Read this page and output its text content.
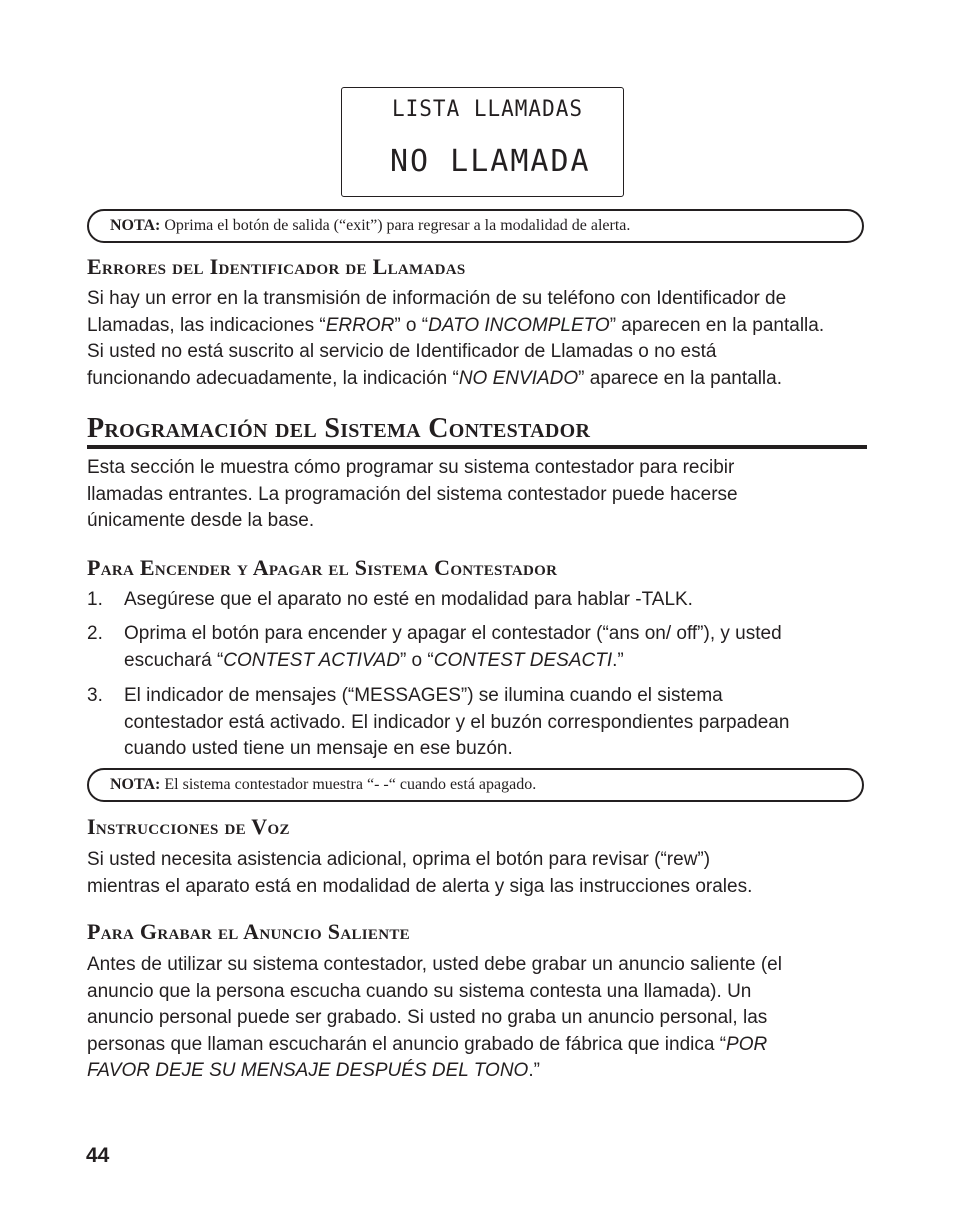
LISTA LLAMADAS
NO LLAMADA
NOTA: Oprima el botón de salida (“exit”) para regresar a la modalidad de alerta.
Errores del Identificador de Llamadas
Si hay un error en la transmisión de información de su teléfono con Identificador de
Llamadas, las indicaciones “ERROR” o “DATO INCOMPLETO” aparecen en la pantalla.
Si usted no está suscrito al servicio de Identificador de Llamadas o no está
funcionando adecuadamente, la indicación “NO ENVIADO” aparece en la pantalla.
Programación del Sistema Contestador
Esta sección le muestra cómo programar su sistema contestador para recibir
llamadas entrantes. La programación del sistema contestador puede hacerse
únicamente desde la base.
Para Encender y Apagar el Sistema Contestador
1. Asegúrese que el aparato no esté en modalidad para hablar -TALK.
2. Oprima el botón para encender y apagar el contestador (“ans on/ off”), y usted
escuchará “CONTEST ACTIVAD” o “CONTEST DESACTI.”
3. El indicador de mensajes (“MESSAGES”) se ilumina cuando el sistema
contestador está activado. El indicador y el buzón correspondientes parpadean
cuando usted tiene un mensaje en ese buzón.
NOTA: El sistema contestador muestra “- -“ cuando está apagado.
Instrucciones de Voz
Si usted necesita asistencia adicional, oprima el botón para revisar (“rew”)
mientras el aparato está en modalidad de alerta y siga las instrucciones orales.
Para Grabar el Anuncio Saliente
Antes de utilizar su sistema contestador, usted debe grabar un anuncio saliente (el
anuncio que la persona escucha cuando su sistema contesta una llamada). Un
anuncio personal puede ser grabado. Si usted no graba un anuncio personal, las
personas que llaman escucharán el anuncio grabado de fábrica que indica “POR
FAVOR DEJE SU MENSAJE DESPUÉS DEL TONO.”
44
